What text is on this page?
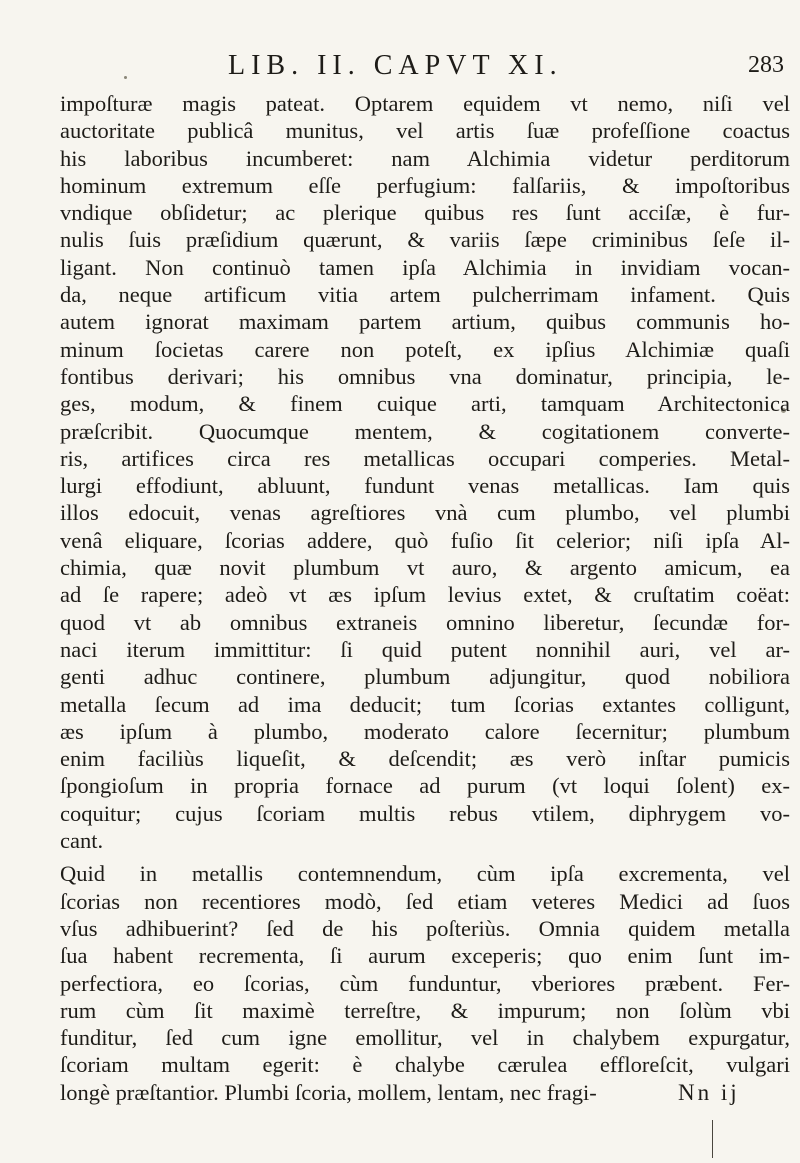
LIB. II. CAPVT XI.	283
impoſturæ magis pateat. Optarem equidem vt nemo, niſi vel
auctoritate publicâ munitus, vel artis ſuæ profeſſione coactus
his laboribus incumberet: nam Alchimia videtur perditorum
hominum extremum eſſe perfugium: falſariis, & impoſtoribus
vndique obſidetur; ac plerique quibus res ſunt acciſæ, è fur-
nulis ſuis præſidium quærunt, & variis ſæpe criminibus ſeſe il-
ligant. Non continuò tamen ipſa Alchimia in invidiam vocan-
da, neque artificum vitia artem pulcherrimam infament. Quis
autem ignorat maximam partem artium, quibus communis ho-
minum ſocietas carere non poteſt, ex ipſius Alchimiæ quaſi
fontibus derivari; his omnibus vna dominatur, principia, le-
ges, modum, & finem cuique arti, tamquam Architectonica
præſcribit. Quocumque mentem, & cogitationem converte-
ris, artifices circa res metallicas occupari comperies. Metal-
lurgi effodiunt, abluunt, fundunt venas metallicas. Iam quis
illos edocuit, venas agreſtiores vnà cum plumbo, vel plumbi
venâ eliquare, ſcorias addere, quò fuſio ſit celerior; niſi ipſa Al-
chimia, quæ novit plumbum vt auro, & argento amicum, ea
ad ſe rapere; adeò vt æs ipſum levius extet, & cruſtatim coëat:
quod vt ab omnibus extraneis omnino liberetur, ſecundæ for-
naci iterum immittitur: ſi quid putent nonnihil auri, vel ar-
genti adhuc continere, plumbum adjungitur, quod nobiliora
metalla ſecum ad ima deducit; tum ſcorias extantes colligunt,
æs ipſum à plumbo, moderato calore ſecernitur; plumbum
enim faciliùs liqueſit, & deſcendit; æs verò inſtar pumicis
ſpongioſum in propria fornace ad purum (vt loqui ſolent) ex-
coquitur; cujus ſcoriam multis rebus vtilem, diphrygem vo-
cant.
Quid in metallis contemnendum, cùm ipſa excrementa, vel
ſcorias non recentiores modò, ſed etiam veteres Medici ad ſuos
vſus adhibuerint? ſed de his poſteriùs. Omnia quidem metalla
ſua habent recrementa, ſi aurum exceperis; quo enim ſunt im-
perfectiora, eo ſcorias, cùm funduntur, vberiores præbent. Fer-
rum cùm ſit maximè terreſtre, & impurum; non ſolùm vbi
funditur, ſed cum igne emollitur, vel in chalybem expurgatur,
ſcoriam multam egerit: è chalybe cærulea effloreſcit, vulgari
longè præſtantior. Plumbi ſcoria, mollem, lentam, nec fragi-	Nn ij
